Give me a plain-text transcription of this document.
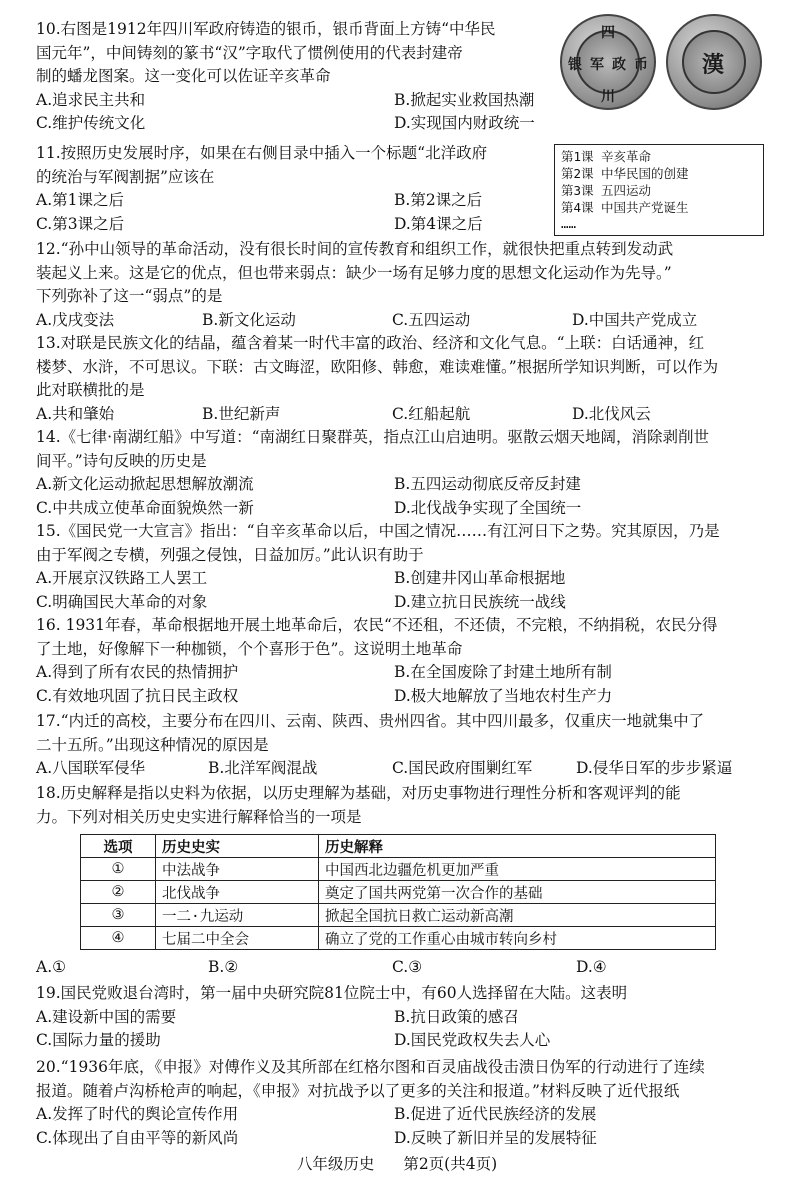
四
川
银	币
军 政	漢
第1课 辛亥革命
第2课 中华民国的创建
第3课 五四运动
第4课 中国共产党诞生
……
10.右图是1912年四川军政府铸造的银币，银币背面上方铸“中华民
国元年”，中间铸刻的篆书“汉”字取代了惯例使用的代表封建帝
制的蟠龙图案。这一变化可以佐证辛亥革命
A.追求民主共和	B.掀起实业救国热潮
C.维护传统文化	D.实现国内财政统一
11.按照历史发展时序，如果在右侧目录中插入一个标题“北洋政府
的统治与军阀割据”应该在
A.第1课之后	B.第2课之后
C.第3课之后	D.第4课之后
12.“孙中山领导的革命活动，没有很长时间的宣传教育和组织工作，就很快把重点转到发动武
装起义上来。这是它的优点，但也带来弱点：缺少一场有足够力度的思想文化运动作为先导。”
下列弥补了这一“弱点”的是
A.戊戌变法	B.新文化运动	C.五四运动	D.中国共产党成立
13.对联是民族文化的结晶，蕴含着某一时代丰富的政治、经济和文化气息。“上联：白话通神，红
楼梦、水浒，不可思议。下联：古文晦涩，欧阳修、韩愈，难读难懂。”根据所学知识判断，可以作为
此对联横批的是
A.共和肇始	B.世纪新声	C.红船起航	D.北伐风云
14.《七律·南湖红船》中写道：“南湖红日聚群英，指点江山启迪明。驱散云烟天地阔，消除剥削世
间平。”诗句反映的历史是
A.新文化运动掀起思想解放潮流	B.五四运动彻底反帝反封建
C.中共成立使革命面貌焕然一新	D.北伐战争实现了全国统一
15.《国民党一大宣言》指出：“自辛亥革命以后，中国之情况……有江河日下之势。究其原因，乃是
由于军阀之专横，列强之侵蚀，日益加厉。”此认识有助于
A.开展京汉铁路工人罢工	B.创建井冈山革命根据地
C.明确国民大革命的对象	D.建立抗日民族统一战线
16. 1931年春，革命根据地开展土地革命后，农民“不还租，不还债，不完粮，不纳捐税，农民分得
了土地，好像解下一种枷锁，个个喜形于色”。这说明土地革命
A.得到了所有农民的热情拥护	B.在全国废除了封建土地所有制
C.有效地巩固了抗日民主政权	D.极大地解放了当地农村生产力
17.“内迁的高校，主要分布在四川、云南、陕西、贵州四省。其中四川最多，仅重庆一地就集中了
二十五所。”出现这种情况的原因是
A.八国联军侵华	B.北洋军阀混战	C.国民政府围剿红军	D.侵华日军的步步紧逼
18.历史解释是指以史料为依据，以历史理解为基础，对历史事物进行理性分析和客观评判的能
力。下列对相关历史史实进行解释恰当的一项是
选项	历史史实	历史解释
①	中法战争	中国西北边疆危机更加严重
②	北伐战争	奠定了国共两党第一次合作的基础
③	一二·九运动	掀起全国抗日救亡运动新高潮
④	七届二中全会	确立了党的工作重心由城市转向乡村
A.①	B.②	C.③	D.④
19.国民党败退台湾时，第一届中央研究院81位院士中，有60人选择留在大陆。这表明
A.建设新中国的需要	B.抗日政策的感召
C.国际力量的援助	D.国民党政权失去人心
20.“1936年底，《申报》对傅作义及其所部在红格尔图和百灵庙战役击溃日伪军的行动进行了连续
报道。随着卢沟桥枪声的响起，《申报》对抗战予以了更多的关注和报道。”材料反映了近代报纸
A.发挥了时代的舆论宣传作用	B.促进了近代民族经济的发展
C.体现出了自由平等的新风尚	D.反映了新旧并呈的发展特征
八年级历史 第2页(共4页)
